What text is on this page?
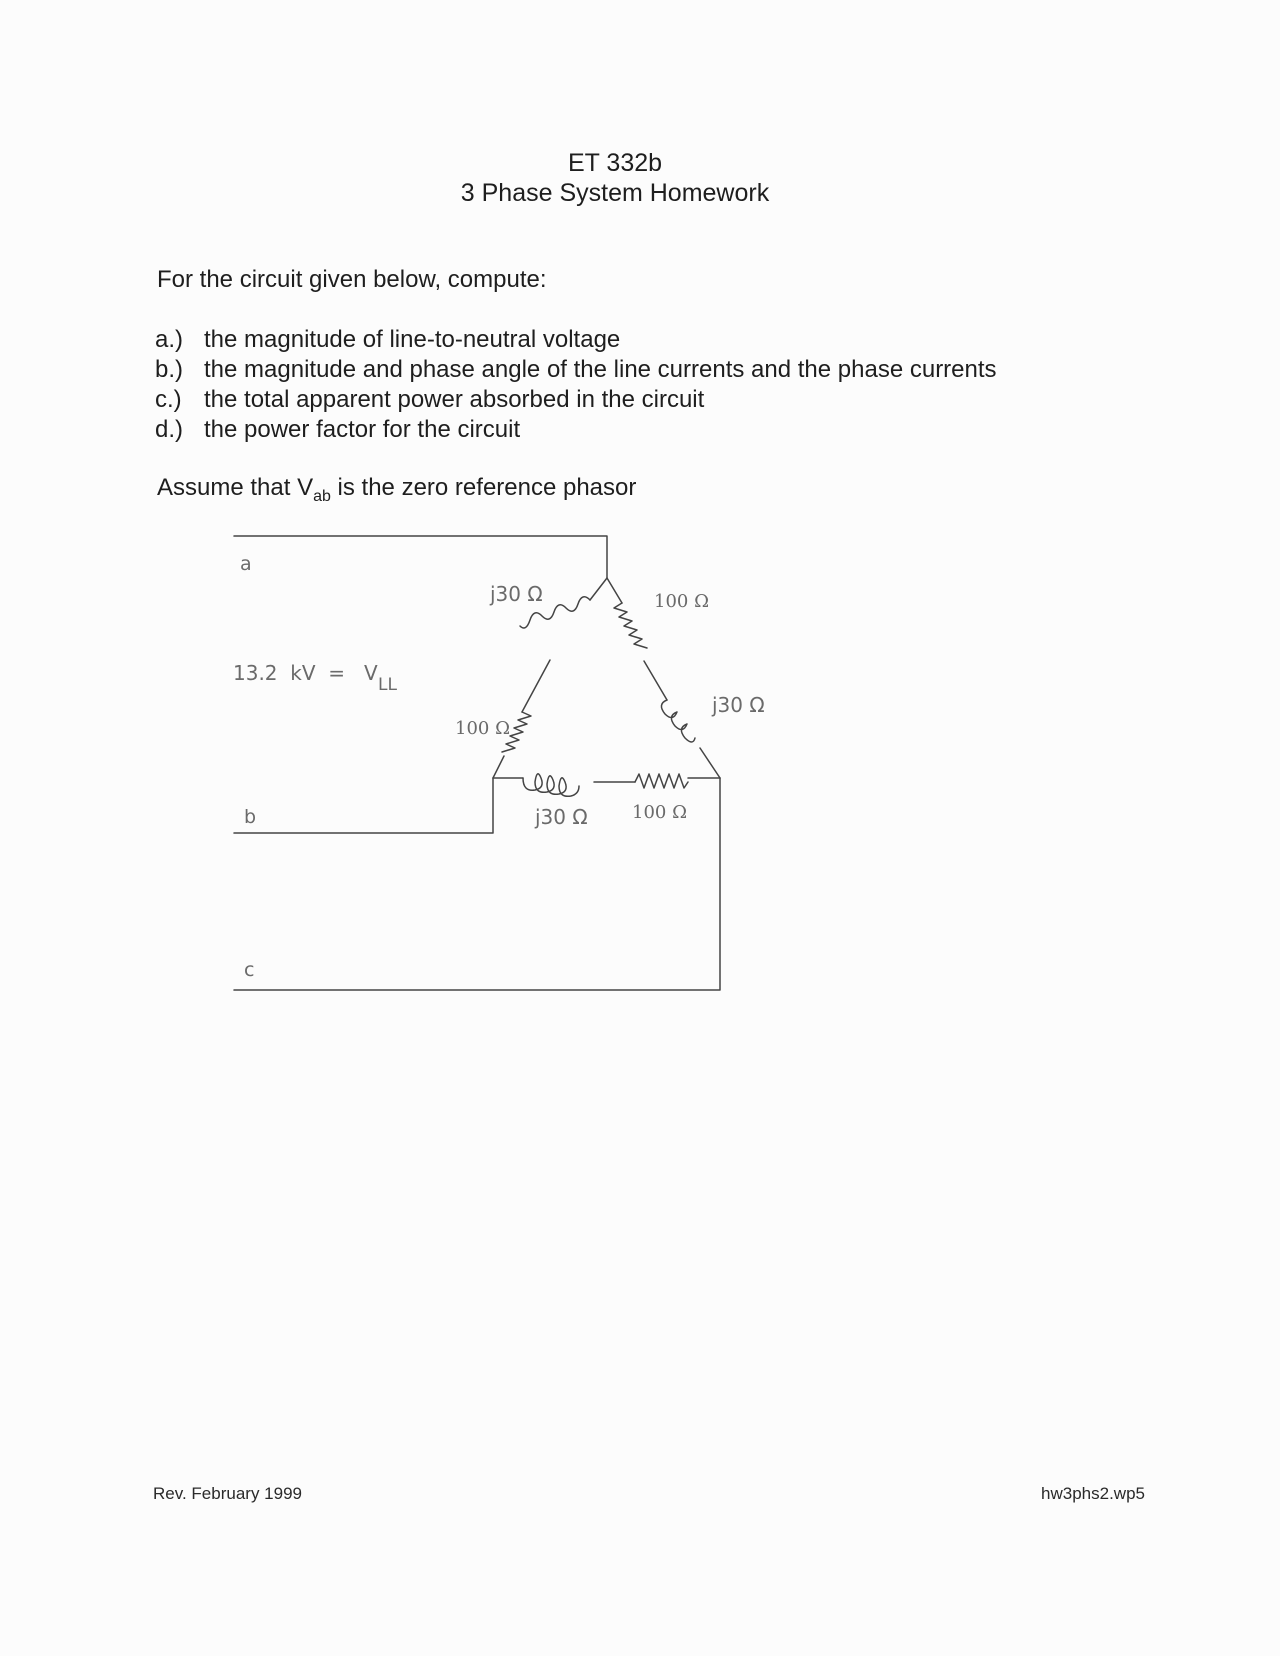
ET 332b
3 Phase System Homework

For the circuit given below, compute:

a.) the magnitude of line-to-neutral voltage
b.) the magnitude and phase angle of the line currents and the phase currents
c.) the total apparent power absorbed in the circuit
d.) the power factor for the circuit

Assume that $V_{ab}$ is the zero reference phasor

a
b
c
13.2  kV  = V LL
j30 Ω
100 Ω
100 Ω
j30 Ω
j30 Ω 100 Ω

Rev. February 1999	hw3phs2.wp5
